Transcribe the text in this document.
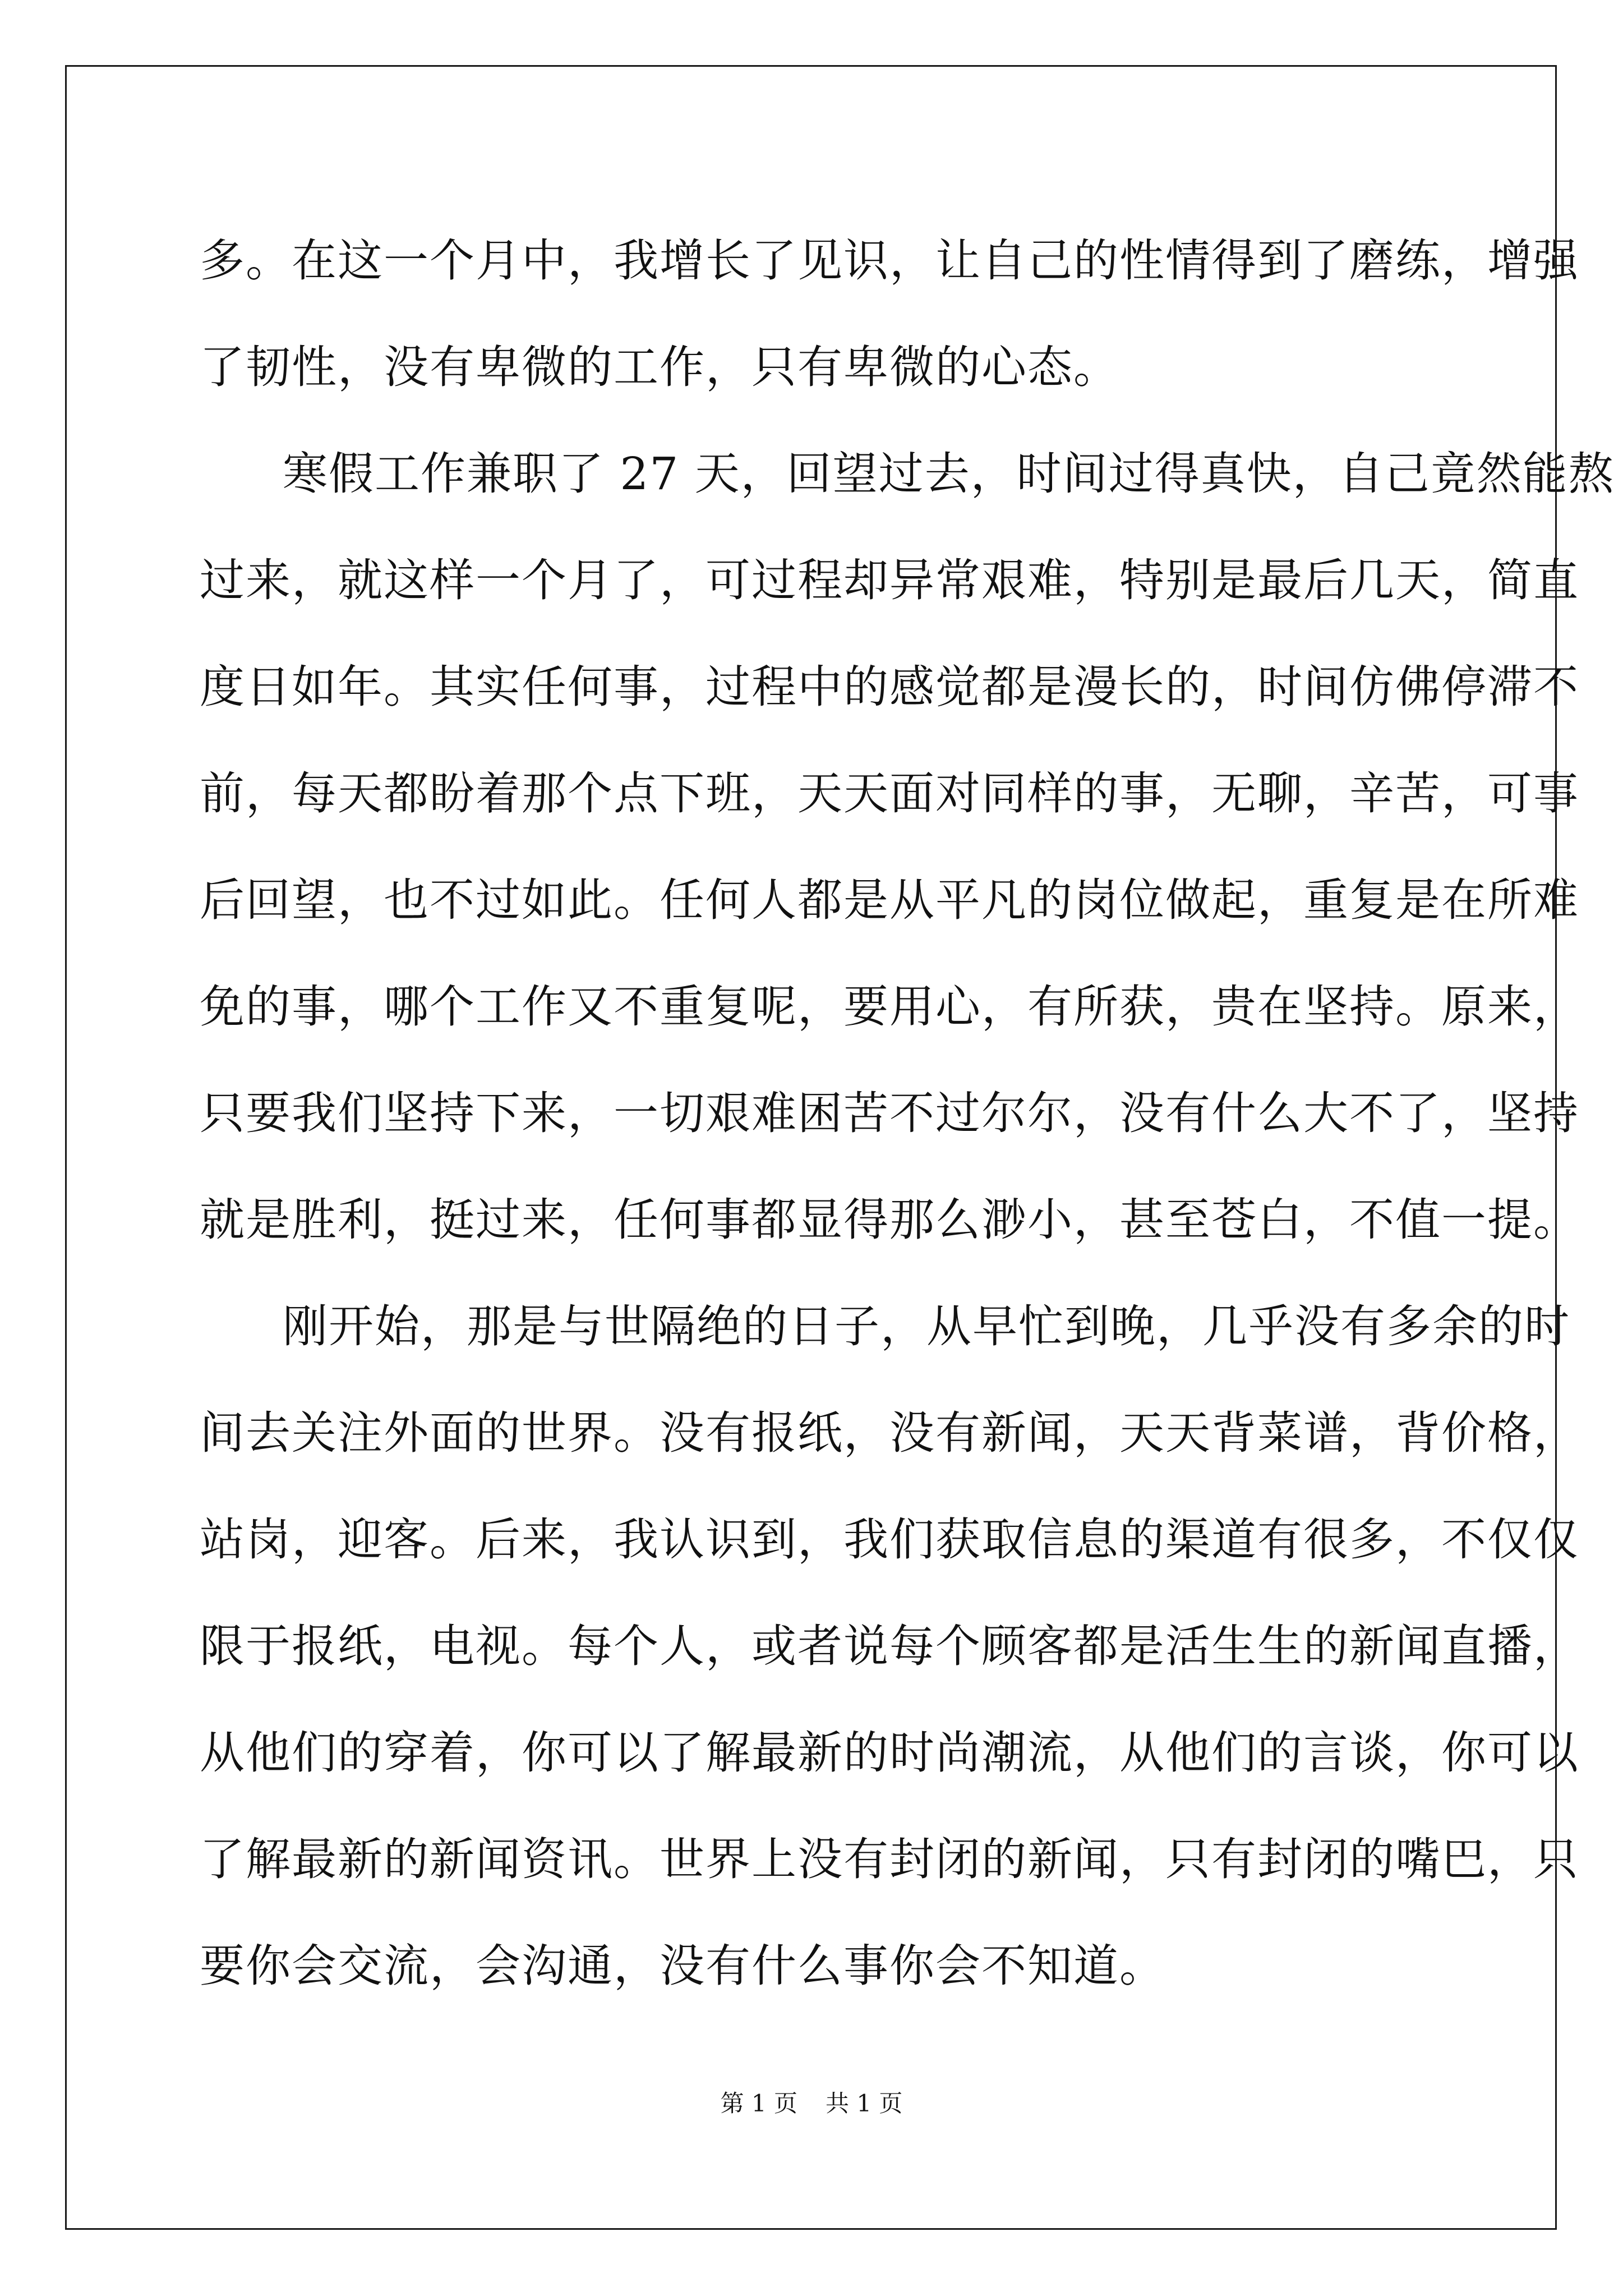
多。在这一个月中，我增长了见识，让自己的性情得到了磨练，增强
了韧性，没有卑微的工作，只有卑微的心态。
寒假工作兼职了 27 天，回望过去，时间过得真快，自己竟然能熬
过来，就这样一个月了，可过程却异常艰难，特别是最后几天，简直
度日如年。其实任何事，过程中的感觉都是漫长的，时间仿佛停滞不
前，每天都盼着那个点下班，天天面对同样的事，无聊，辛苦，可事
后回望，也不过如此。任何人都是从平凡的岗位做起，重复是在所难
免的事，哪个工作又不重复呢，要用心，有所获，贵在坚持。原来，
只要我们坚持下来，一切艰难困苦不过尔尔，没有什么大不了，坚持
就是胜利，挺过来，任何事都显得那么渺小，甚至苍白，不值一提。
刚开始，那是与世隔绝的日子，从早忙到晚，几乎没有多余的时
间去关注外面的世界。没有报纸，没有新闻，天天背菜谱，背价格，
站岗，迎客。后来，我认识到，我们获取信息的渠道有很多，不仅仅
限于报纸，电视。每个人，或者说每个顾客都是活生生的新闻直播，
从他们的穿着，你可以了解最新的时尚潮流，从他们的言谈，你可以
了解最新的新闻资讯。世界上没有封闭的新闻，只有封闭的嘴巴，只
要你会交流，会沟通，没有什么事你会不知道。
第 1 页 共 1 页
